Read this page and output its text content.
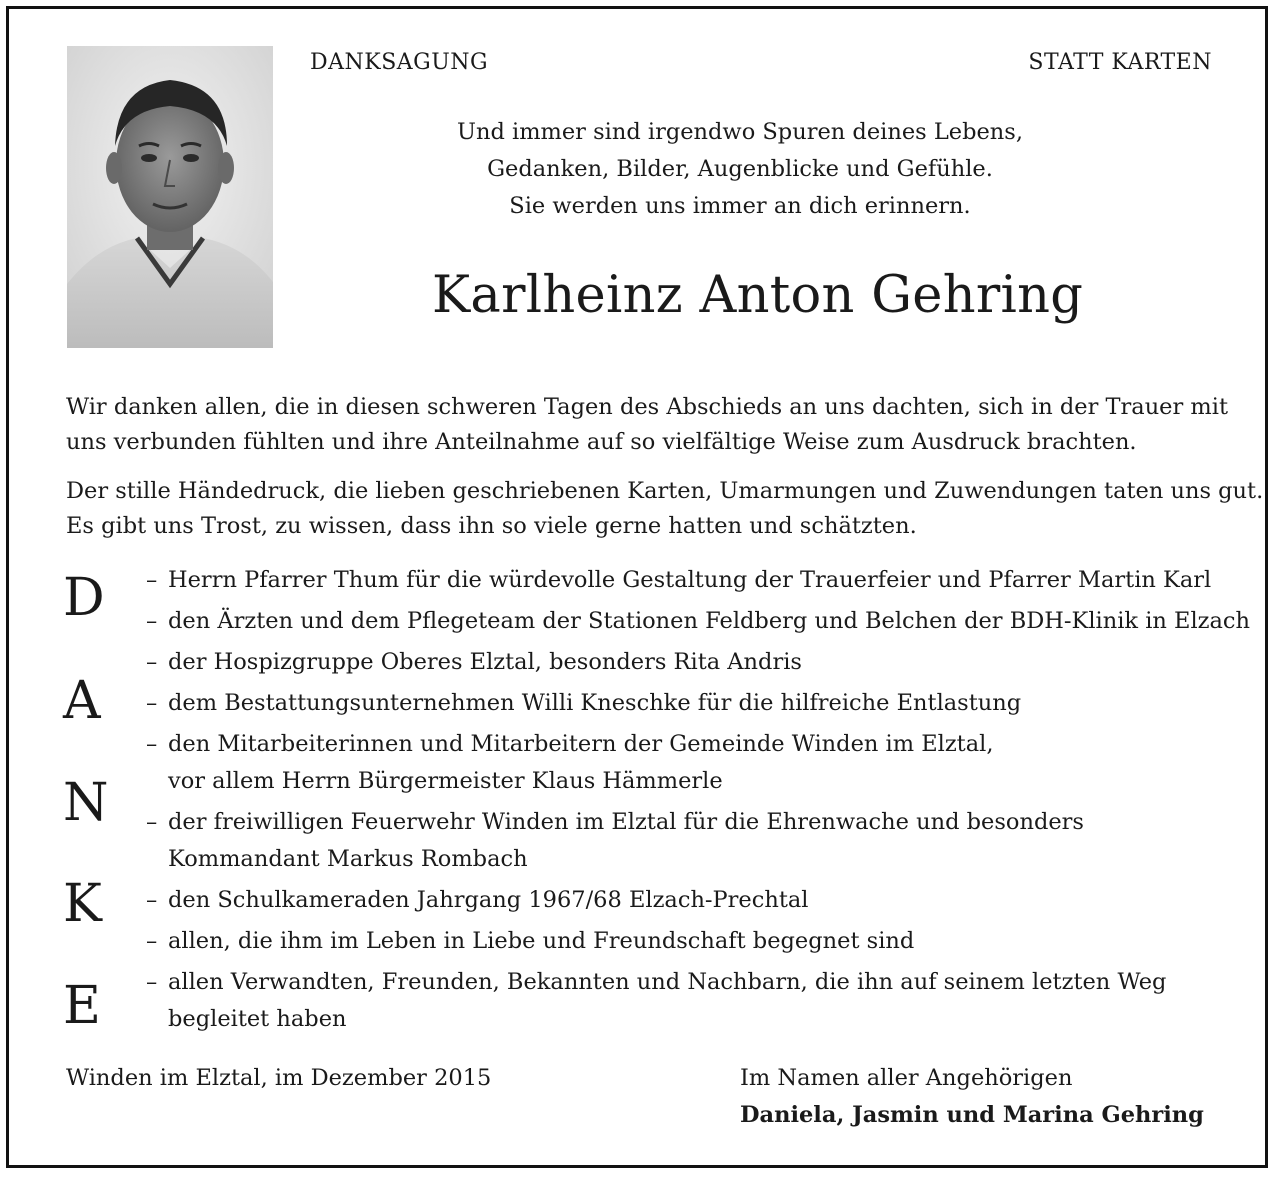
DANKSAGUNG	STATT KARTEN
Und immer sind irgendwo Spuren deines Lebens,
Gedanken, Bilder, Augenblicke und Gefühle.
Sie werden uns immer an dich erinnern.
Karlheinz Anton Gehring
Wir danken allen, die in diesen schweren Tagen des Abschieds an uns dachten, sich in der Trauer mit
uns verbunden fühlten und ihre Anteilnahme auf so vielfältige Weise zum Ausdruck brachten.
Der stille Händedruck, die lieben geschriebenen Karten, Umarmungen und Zuwendungen taten uns gut.
Es gibt uns Trost, zu wissen, dass ihn so viele gerne hatten und schätzten.
D
A
N
K
E
– Herrn Pfarrer Thum für die würdevolle Gestaltung der Trauerfeier und Pfarrer Martin Karl
– den Ärzten und dem Pflegeteam der Stationen Feldberg und Belchen der BDH-Klinik in Elzach
– der Hospizgruppe Oberes Elztal, besonders Rita Andris
– dem Bestattungsunternehmen Willi Kneschke für die hilfreiche Entlastung
– den Mitarbeiterinnen und Mitarbeitern der Gemeinde Winden im Elztal,
vor allem Herrn Bürgermeister Klaus Hämmerle
– der freiwilligen Feuerwehr Winden im Elztal für die Ehrenwache und besonders
Kommandant Markus Rombach
– den Schulkameraden Jahrgang 1967/68 Elzach-Prechtal
– allen, die ihm im Leben in Liebe und Freundschaft begegnet sind
– allen Verwandten, Freunden, Bekannten und Nachbarn, die ihn auf seinem letzten Weg
begleitet haben
Winden im Elztal, im Dezember 2015	Im Namen aller Angehörigen
Daniela, Jasmin und Marina Gehring
